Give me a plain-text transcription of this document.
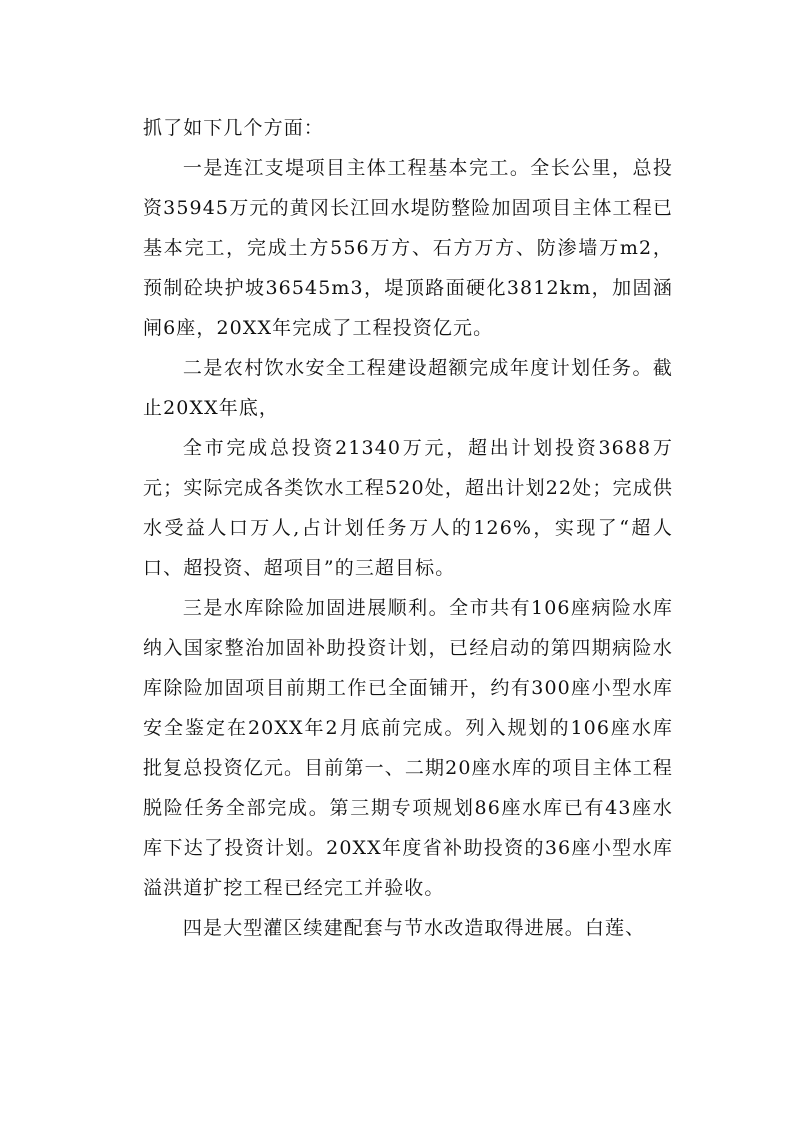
抓了如下几个方面：

一是连江支堤项目主体工程基本完工。全长公里，总投资35945万元的黄冈长江回水堤防整险加固项目主体工程已基本完工，完成土方556万方、石方万方、防渗墙万m2，预制砼块护坡36545m3，堤顶路面硬化3812km，加固涵闸6座，20XX年完成了工程投资亿元。

二是农村饮水安全工程建设超额完成年度计划任务。截止20XX年底，

全市完成总投资21340万元，超出计划投资3688万元；实际完成各类饮水工程520处，超出计划22处；完成供水受益人口万人,占计划任务万人的126%，实现了“超人口、超投资、超项目”的三超目标。

三是水库除险加固进展顺利。全市共有106座病险水库纳入国家整治加固补助投资计划，已经启动的第四期病险水库除险加固项目前期工作已全面铺开，约有300座小型水库安全鉴定在20XX年2月底前完成。列入规划的106座水库批复总投资亿元。目前第一、二期20座水库的项目主体工程脱险任务全部完成。第三期专项规划86座水库已有43座水库下达了投资计划。20XX年度省补助投资的36座小型水库溢洪道扩挖工程已经完工并验收。

四是大型灌区续建配套与节水改造取得进展。白莲、
